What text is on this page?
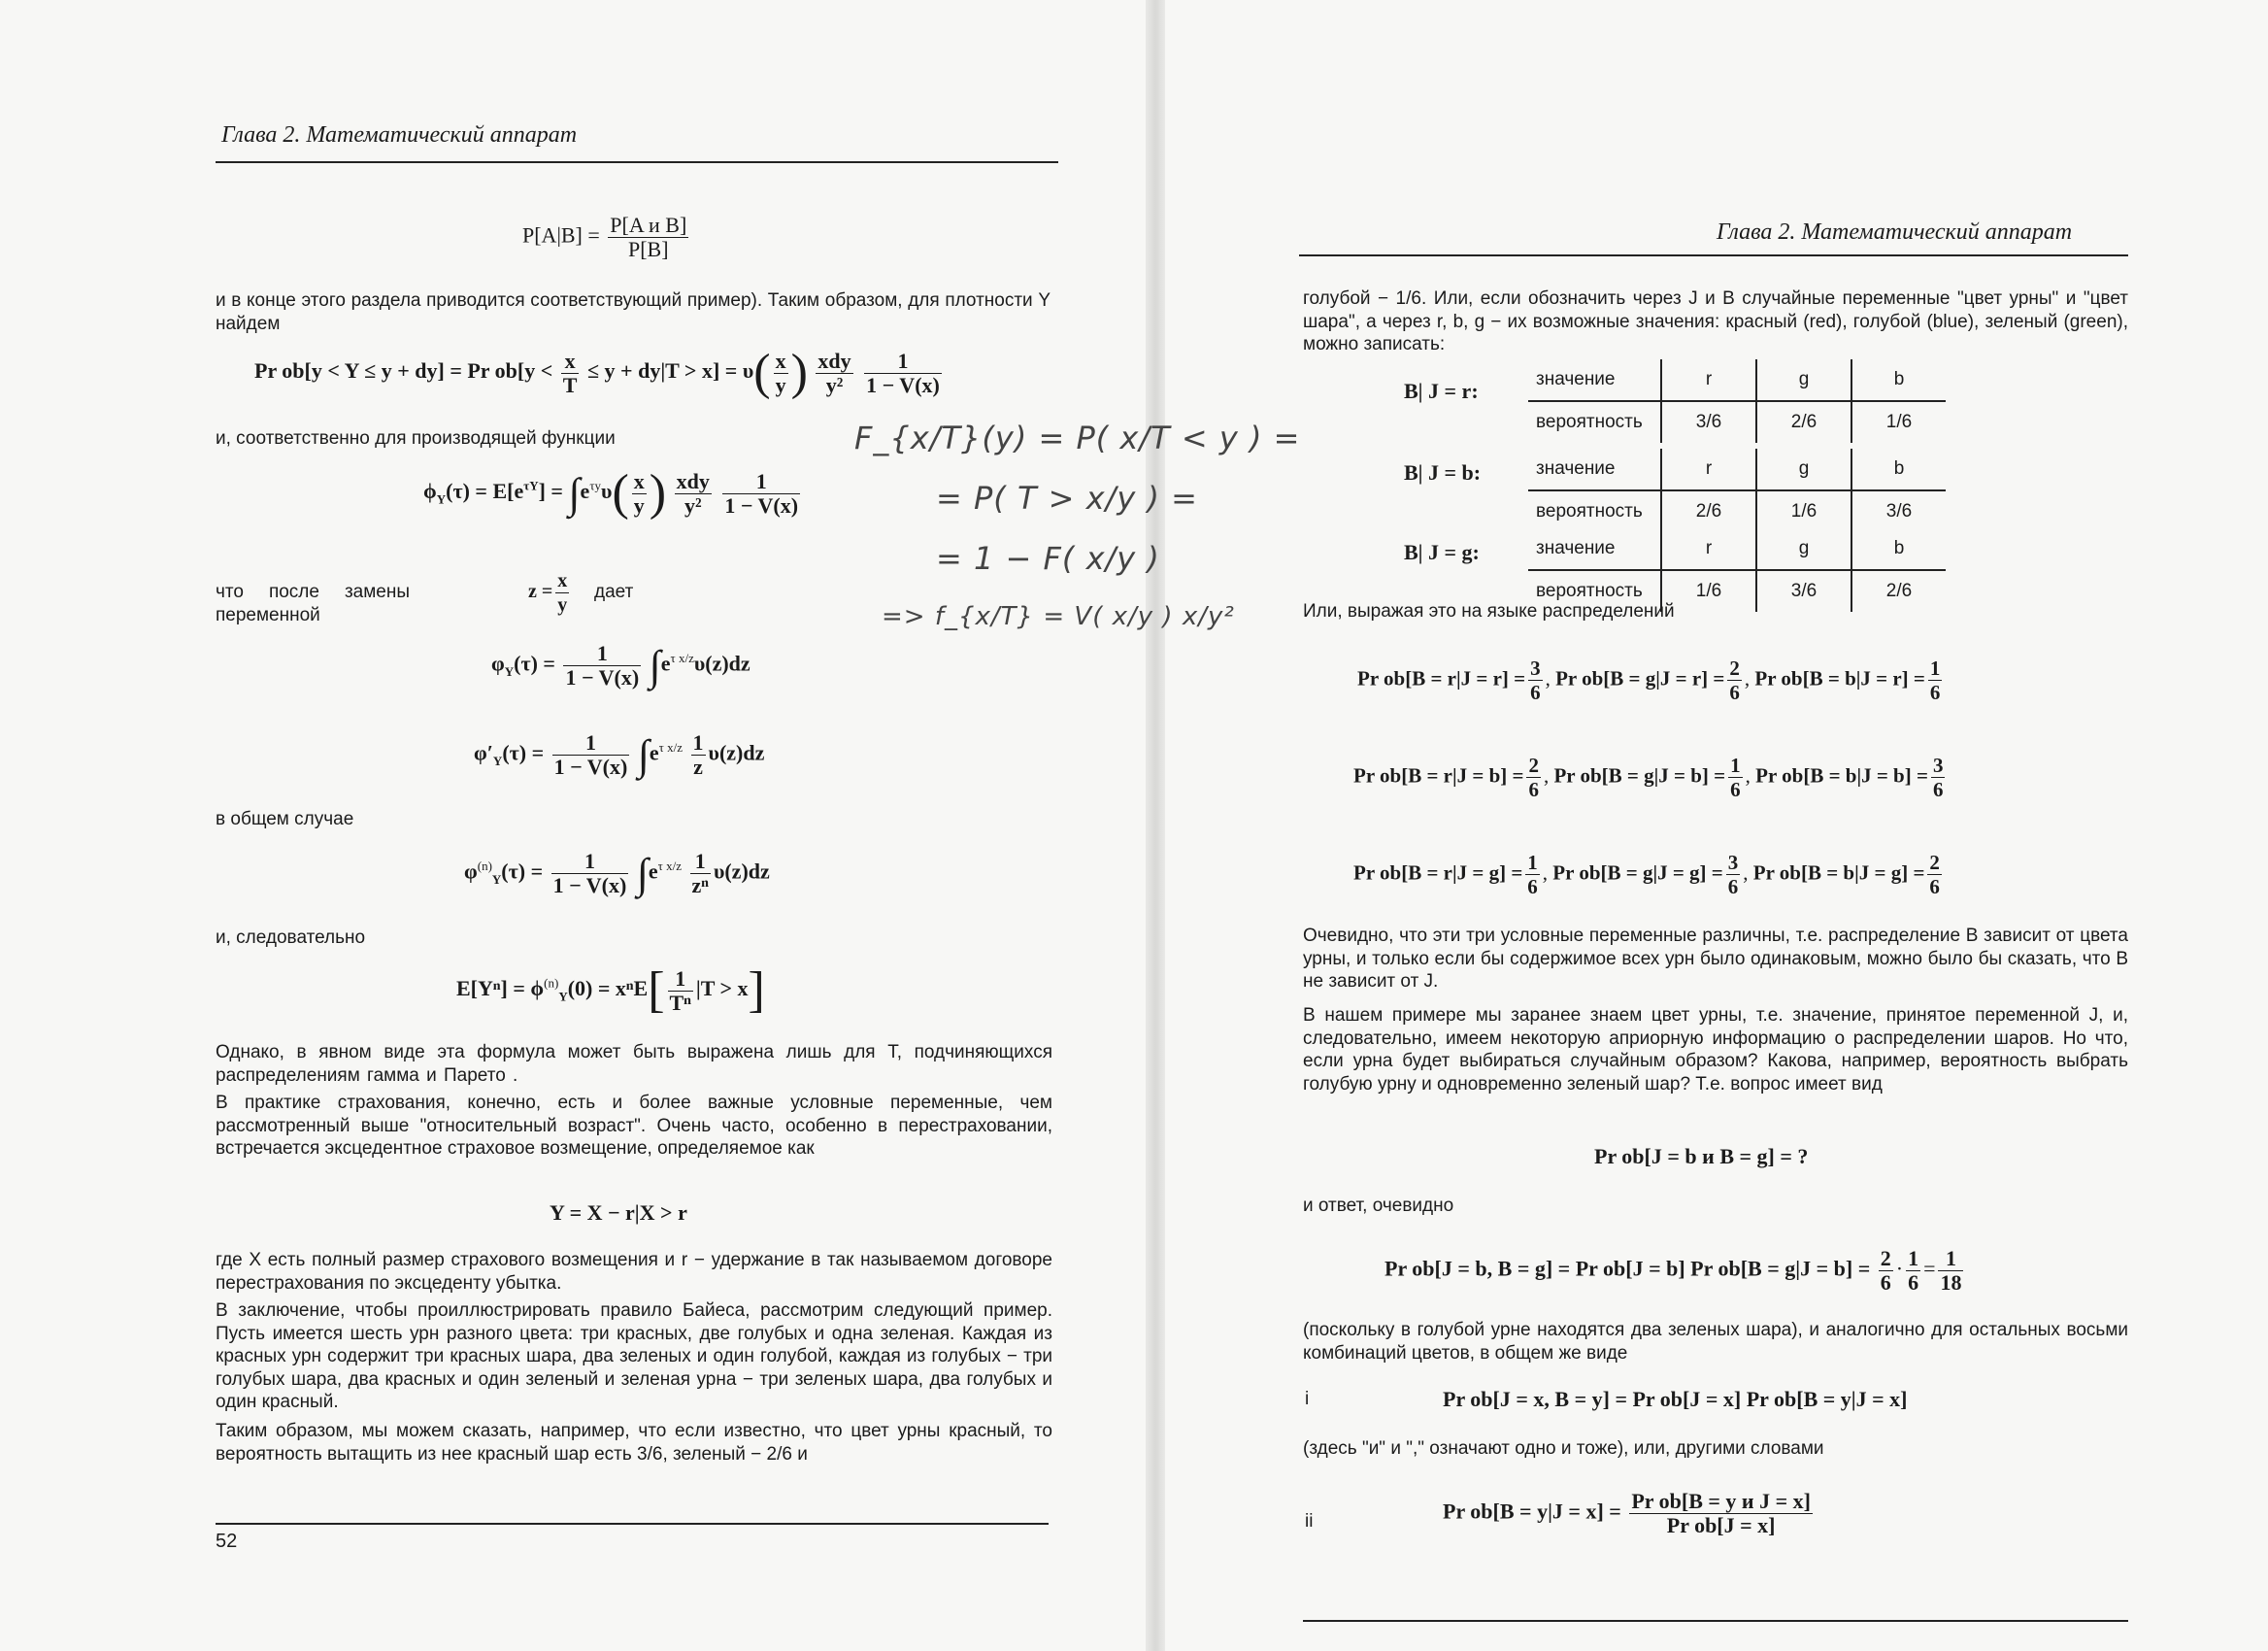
Глава 2. Математический аппарат
$P[A|B] = \frac{\text{P[A и B]}}{P[B]}$
и в конце этого раздела приводится соответствующий пример). Таким образом, для плотности Y найдем
Pr ob[y < Y ≤ y + dy] = Pr $ob[y < \frac{x}{T} \le y + dy|T > x] = \upsilon( \frac{x}{y}$ ) $\frac{\text{xdy}}{\text{y²}}$
$\frac{1}{1 - V(x)}$
и, соответственно для производящей функции
$\phi_Y(\tau) = E[e^{\tau Y}] = \int e^{\tau y}\upsilon( \frac{x}{y}$ ) $\frac{\text{xdy}}{\text{y²}}$
$\frac{1}{1 - V(x)}$
что после замены переменной
$z = \frac{x}{y}$ дает
$\varphi_Y(\tau) = \frac{1}{1 - V(x)} \int e^{\tau x/z}\upsilon(z)dz$
$\varphi'_Y(\tau) = \frac{1}{1 - V(x)} \int e^{\tau x/z} \frac{1}{z} \upsilon(z)dz$
в общем случае
$\varphi^{(n)}_Y(\tau) = \frac{1}{1 - V(x)} \int e^{\tau x/z} \frac{1}{\text{zⁿ}} \upsilon(z)dz$
и, следовательно
$E[Y^n] = \phi^{(n)}_Y(0) = x^nE[ \frac{1}{\text{Tⁿ}} |T > x]$
Однако, в явном виде эта формула может быть выражена лишь для T, подчиняющихся распределениям гамма и Парето .
В практике страхования, конечно, есть и более важные условные переменные, чем рассмотренный выше "относительный возраст". Очень часто, особенно в перестраховании, встречается эксцедентное страховое возмещение, определяемое как
Y = X − r|X > r
где X есть полный размер страхового возмещения и r − удержание в так называемом договоре перестрахования по эксцеденту убытка.
В заключение, чтобы проиллюстрировать правило Байеса, рассмотрим следующий пример. Пусть имеется шесть урн разного цвета: три красных, две голубых и одна зеленая. Каждая из красных урн содержит три красных шара, два зеленых и один голубой, каждая из голубых − три голубых шара, два красных и один зеленый и зеленая урна − три зеленых шара, два голубых и один красный.
Таким образом, мы можем сказать, например, что если известно, что цвет урны красный, то вероятность вытащить из нее красный шар есть 3/6, зеленый − 2/6 и
52
F_{x/T}(y) = P( x/T < y ) =
= P( T > x/y ) =
= 1 − F( x/y )
=> f_{x/T} = V( x/y ) x/y²
Глава 2. Математический аппарат
голубой − 1/6. Или, если обозначить через J и B случайные переменные "цвет урны" и "цвет шара", а через r, b, g − их возможные значения: красный (red), голубой (blue), зеленый (green), можно записать:
B| J = r:	значение	r	g	b
вероятность	3/6	2/6	1/6
B| J = b:	значение	r	g	b
вероятность	2/6	1/6	3/6
B| J = g:	значение	r	g	b
вероятность	1/6	3/6	2/6
Или, выражая это на языке распределений
Pr $ob[B = r|J = r] = \frac{3}{6}$ , Pr $ob[B = g|J = r] = \frac{2}{6}$ , Pr $ob[B = b|J = r] = \frac{1}{6}$
Pr $ob[B = r|J = b] = \frac{2}{6}$ , Pr $ob[B = g|J = b] = \frac{1}{6}$ , Pr $ob[B = b|J = b] = \frac{3}{6}$
Pr $ob[B = r|J = g] = \frac{1}{6}$ , Pr $ob[B = g|J = g] = \frac{3}{6}$ , Pr $ob[B = b|J = g] = \frac{2}{6}$
Очевидно, что эти три условные переменные различны, т.е. распределение B зависит от цвета урны, и только если бы содержимое всех урн было одинаковым, можно было бы сказать, что B не зависит от J.
В нашем примере мы заранее знаем цвет урны, т.е. значение, принятое переменной J, и, следовательно, имеем некоторую априорную информацию о распределении шаров. Но что, если урна будет выбираться случайным образом? Какова, например, вероятность выбрать голубую урну и одновременно зеленый шар? Т.е. вопрос имеет вид
Pr ob[J = b и B = g] = ?
и ответ, очевидно
Pr ob[J = b, B = g] = Pr ob[J = b] Pr $ob[B = g|J = b] = \frac{2}{6} \cdot \frac{1}{6} = \frac{1}{18}$
(поскольку в голубой урне находятся два зеленых шара), и аналогично для остальных восьми комбинаций цветов, в общем же виде
i	Pr ob[J = x, B = y] = Pr ob[J = x] Pr ob[B = y|J = x]
(здесь "и" и "," означают одно и тоже), или, другими словами
ii	Pr $ob[B = y|J = x] = \frac{\text{Pr ob[B = y и J = x]}}{\text{Pr ob[J = x]}}$
